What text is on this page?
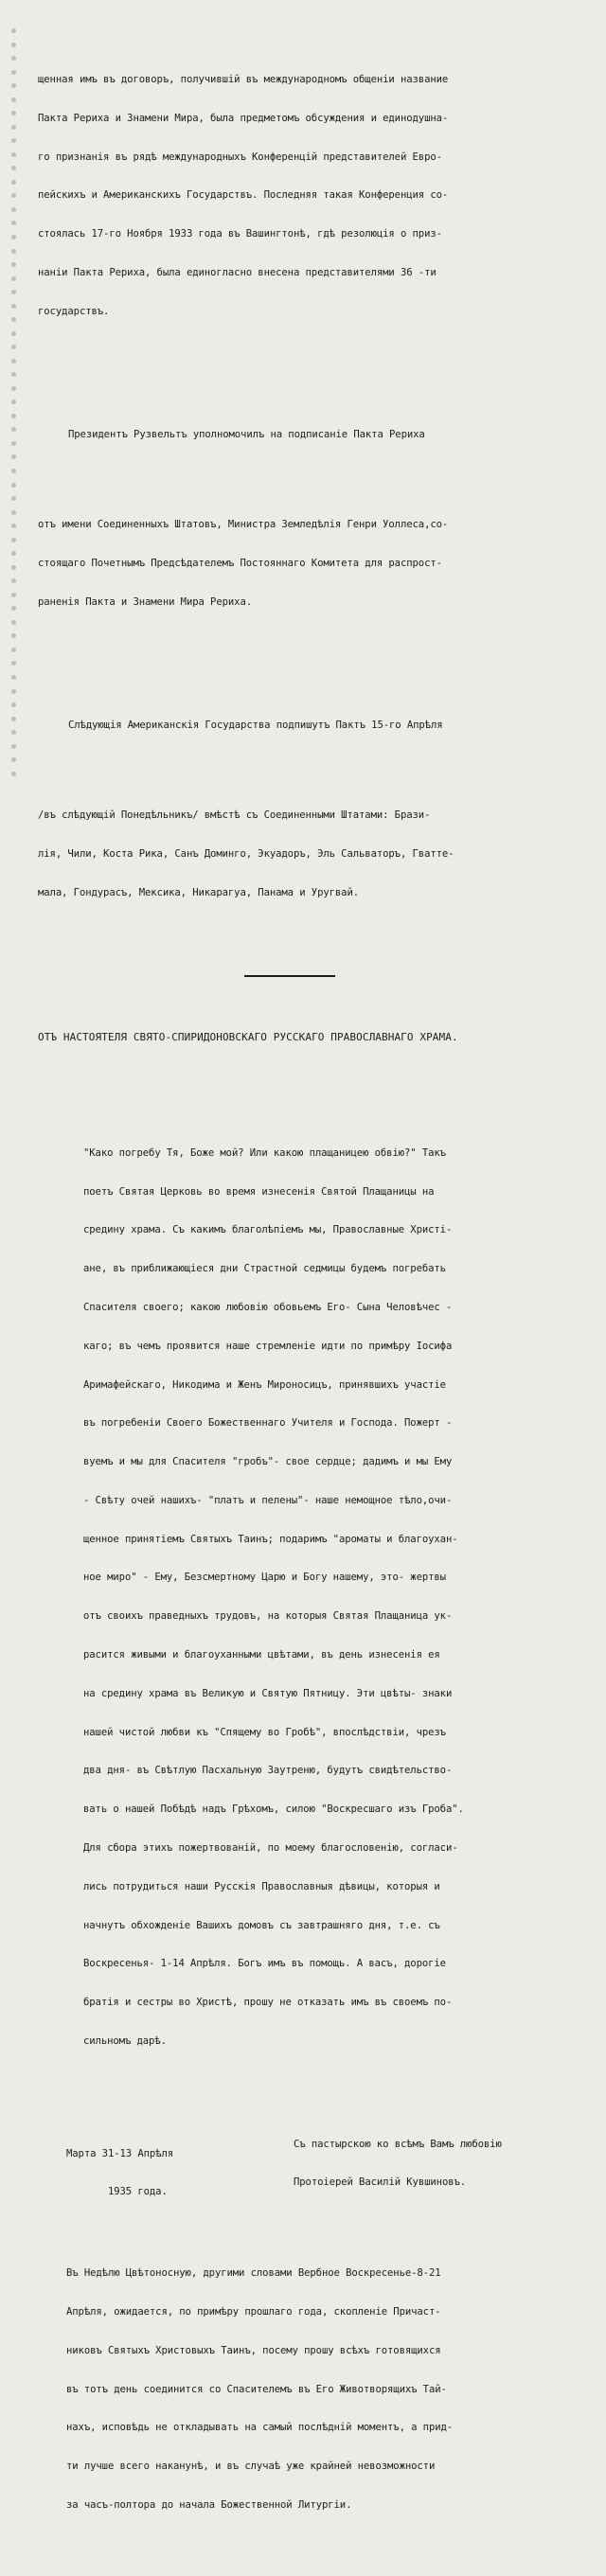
щенная имъ въ договоръ, получившій въ международномъ общеніи название

Пакта Рериха и Знамени Мира, была предметомъ обсуждения и единодушна-

го признанія въ рядѣ международныхъ Конференцій представителей Евро-

пейскихъ и Американскихъ Государствъ. Последняя такая Конференция со-

стоялась 17-го Ноября 1933 года въ Вашингтонѣ, гдѣ резолюція о приз-

наніи Пакта Рериха, была единогласно внесена представителями 36 -ти

государствъ.

Президентъ Рузвельтъ уполномочилъ на подписаніе Пакта Рериха

отъ имени Соединенныхъ Штатовъ, Министра Земледѣлія Генри Уоллеса,со-

стоящаго Почетнымъ Предсѣдателемъ Постояннаго Комитета для распрост-

раненія Пакта и Знамени Мира Рериха.

Слѣдующія Американскія Государства подпишутъ Пактъ 15-го Апрѣля

/въ слѣдующій Понедѣльникъ/ вмѣстѣ съ Соединенными Штатами: Брази-

лія, Чили, Коста Рика, Санъ Доминго, Экуадоръ, Эль Сальваторъ, Гватте-

мала, Гондурасъ, Мексика, Никарагуа, Панама и Уругвай.

ОТЪ НАСТОЯТЕЛЯ СВЯТО-СПИРИДОНОВСКАГО РУССКАГО ПРАВОСЛАВНАГО ХРАМА.

"Како погребу Тя, Боже мой? Или какою плащаницею обвію?" Такъ

поетъ Святая Церковь во время изнесенія Святой Плащаницы на

средину храма. Съ какимъ благолѣпіемъ мы, Православные Христі-

ане, въ приближающіеся дни Страстной седмицы будемъ погребать

Спасителя своего; какою любовію обовьемъ Его- Сына Человѣчес -

каго; въ чемъ проявится наше стремленіе идти по примѣру Іосифа

Аримафейскаго, Никодима и Женъ Мироносицъ, принявшихъ участіе

въ погребеніи Своего Божественнаго Учителя и Господа. Пожерт -

вуемъ и мы для Спасителя "гробъ"- свое сердце; дадимъ и мы Ему

- Свѣту очей нашихъ- "платъ и пелены"- наше немощное тѣло,очи-

щенное принятіемъ Святыхъ Таинъ; подаримъ "ароматы и благоухан-

ное миро" - Ему, Безсмертному Царю и Богу нашему, это- жертвы

отъ своихъ праведныхъ трудовъ, на которыя Святая Плащаница ук-

расится живыми и благоуханными цвѣтами, въ день изнесенія ея

на средину храма въ Великую и Святую Пятницу. Эти цвѣты- знаки

нашей чистой любви къ "Спящему во Гробѣ", впослѣдствіи, чрезъ

два дня- въ Свѣтлую Пасхальную Заутреню, будутъ свидѣтельство-

вать о нашей Побѣдѣ надъ Грѣхомъ, силою "Воскресшаго изъ Гроба".

Для сбора этихъ пожертвованій, по моему благословенію, согласи-

лись потрудиться наши Русскія Православныя дѣвицы, которыя и

начнутъ обхожденіе Вашихъ домовъ съ завтрашняго дня, т.е. съ

Воскресенья- 1-14 Апрѣля. Богъ имъ въ помощь. А васъ, дорогіе

братія и сестры во Христѣ, прошу не отказать имъ въ своемъ по-

сильномъ дарѣ.

Марта 31-13 Апрѣля

1935 года.

Съ пастырскою ко всѣмъ Вамъ любовію

Протоіерей Василій Кувшиновъ.

Въ Недѣлю Цвѣтоносную, другими словами Вербное Воскресенье-8-21

Апрѣля, ожидается, по примѣру прошлаго года, скопленіе Причаст-

никовъ Святыхъ Христовыхъ Таинъ, посему прошу всѣхъ готовящихся

въ тотъ день соединится со Спасителемъ въ Его Животворящихъ Тай-

нахъ, исповѣдь не откладывать на самый послѣдній моментъ, а прид-

ти лучше всего наканунѣ, и въ случаѣ уже крайней невозможности

за часъ-полтора до начала Божественной Литургіи.
